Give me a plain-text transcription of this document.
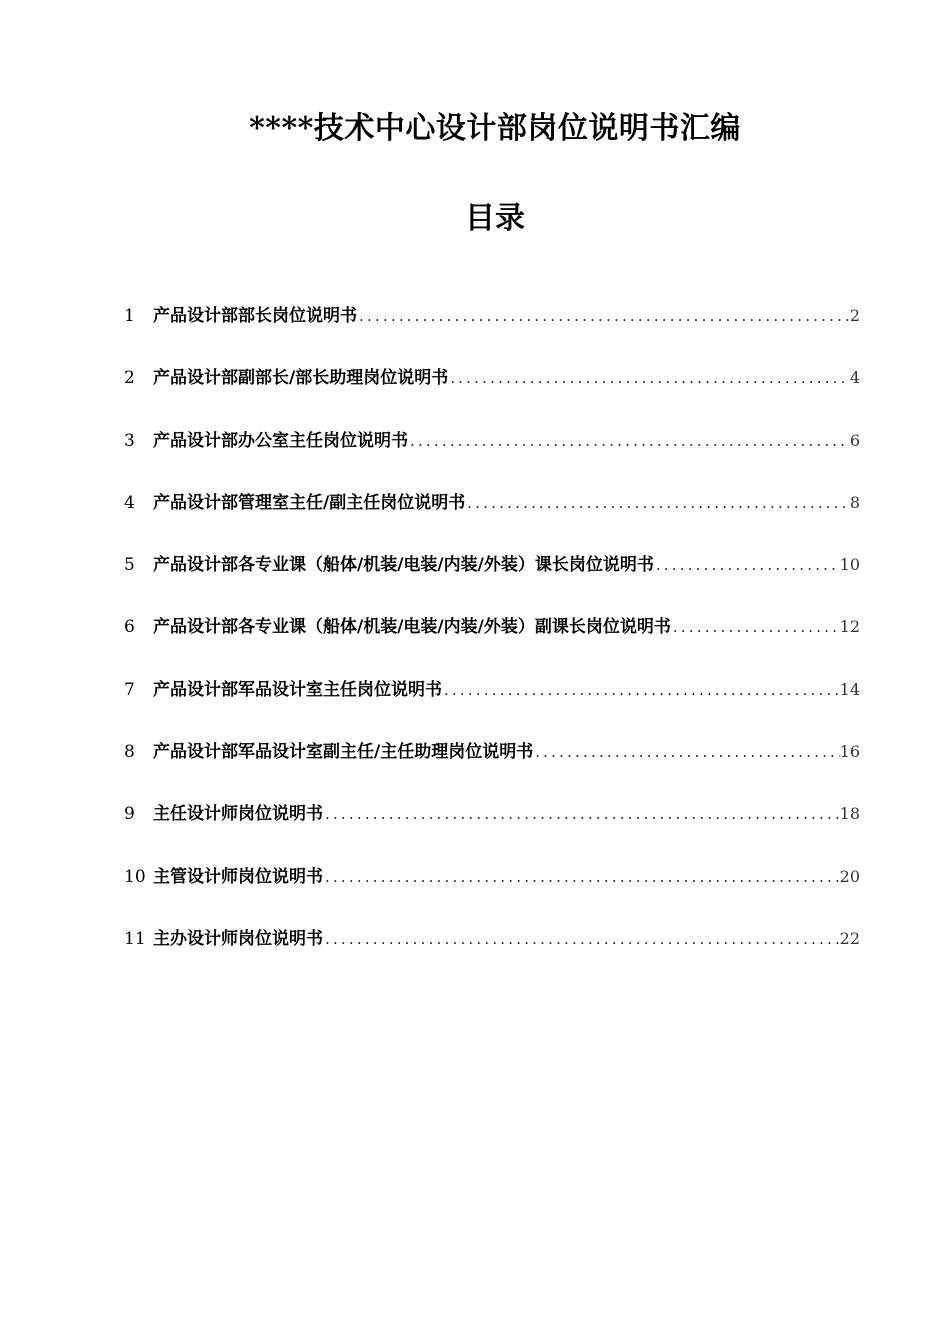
****技术中心设计部岗位说明书汇编
目录
1	产品设计部部长岗位说明书 .....	2
2	产品设计部副部长/部长助理岗位说明书 .....	4
3	产品设计部办公室主任岗位说明书 .....	6
4	产品设计部管理室主任/副主任岗位说明书 .....	8
5	产品设计部各专业课（船体/机装/电装/内装/外装）课长岗位说明书 .....	10
6	产品设计部各专业课（船体/机装/电装/内装/外装）副课长岗位说明书 .....	12
7	产品设计部军品设计室主任岗位说明书 .....	14
8	产品设计部军品设计室副主任/主任助理岗位说明书 .....	16
9	主任设计师岗位说明书 .....	18
10 主管设计师岗位说明书 .....	20
11 主办设计师岗位说明书 .....	22
